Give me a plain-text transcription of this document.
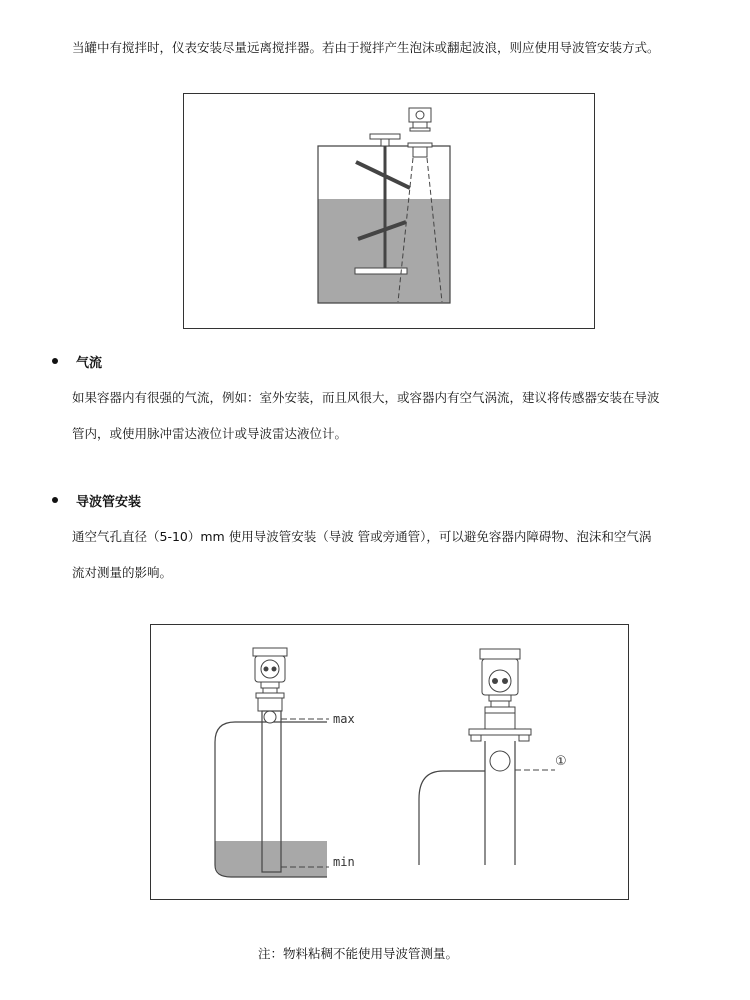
当罐中有搅拌时，仪表安装尽量远离搅拌器。若由于搅拌产生泡沫或翻起波浪，则应使用导波管安装方式。
气流
如果容器内有很强的气流，例如：室外安装，而且风很大，或容器内有空气涡流，建议将传感器安装在导波
管内，或使用脉冲雷达液位计或导波雷达液位计。
导波管安装
通空气孔直径（5-10）mm 使用导波管安装（导波 管或旁通管），可以避免容器内障碍物、泡沫和空气涡
流对测量的影响。
max
min
①
注：物料粘稠不能使用导波管测量。
